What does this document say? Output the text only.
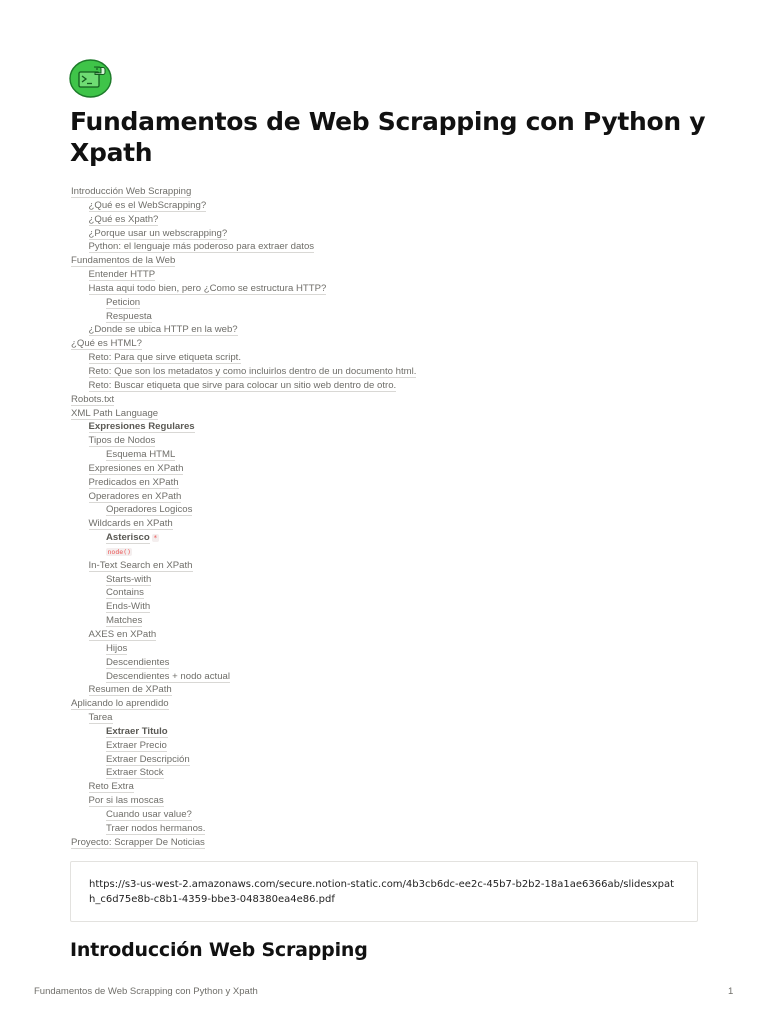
Fundamentos de Web Scrapping con Python y Xpath
Introducción Web Scrapping
¿Qué es el WebScrapping?
¿Qué es Xpath?
¿Porque usar un webscrapping?
Python: el lenguaje más poderoso para extraer datos
Fundamentos de la Web
Entender HTTP
Hasta aqui todo bien, pero ¿Como se estructura HTTP?
Peticion
Respuesta
¿Donde se ubica HTTP en la web?
¿Qué es HTML?
Reto: Para que sirve etiqueta script.
Reto: Que son los metadatos y como incluirlos dentro de un documento html.
Reto: Buscar etiqueta que sirve para colocar un sitio web dentro de otro.
Robots.txt
XML Path Language
Expresiones Regulares
Tipos de Nodos
Esquema HTML
Expresiones en XPath
Predicados en XPath
Operadores en XPath
Operadores Logicos
Wildcards en XPath
Asterisco *
node()
In-Text Search en XPath
Starts-with
Contains
Ends-With
Matches
AXES en XPath
Hijos
Descendientes
Descendientes + nodo actual
Resumen de XPath
Aplicando lo aprendido
Tarea
Extraer Titulo
Extraer Precio
Extraer Descripción
Extraer Stock
Reto Extra
Por si las moscas
Cuando usar value?
Traer nodos hermanos.
Proyecto: Scrapper De Noticias
https://s3-us-west-2.amazonaws.com/secure.notion-static.com/4b3cb6dc-ee2c-45b7-b2b2-18a1ae6366ab/slidesxpath_c6d75e8b-c8b1-4359-bbe3-048380ea4e86.pdf
Introducción Web Scrapping
Fundamentos de Web Scrapping con Python y Xpath	1
